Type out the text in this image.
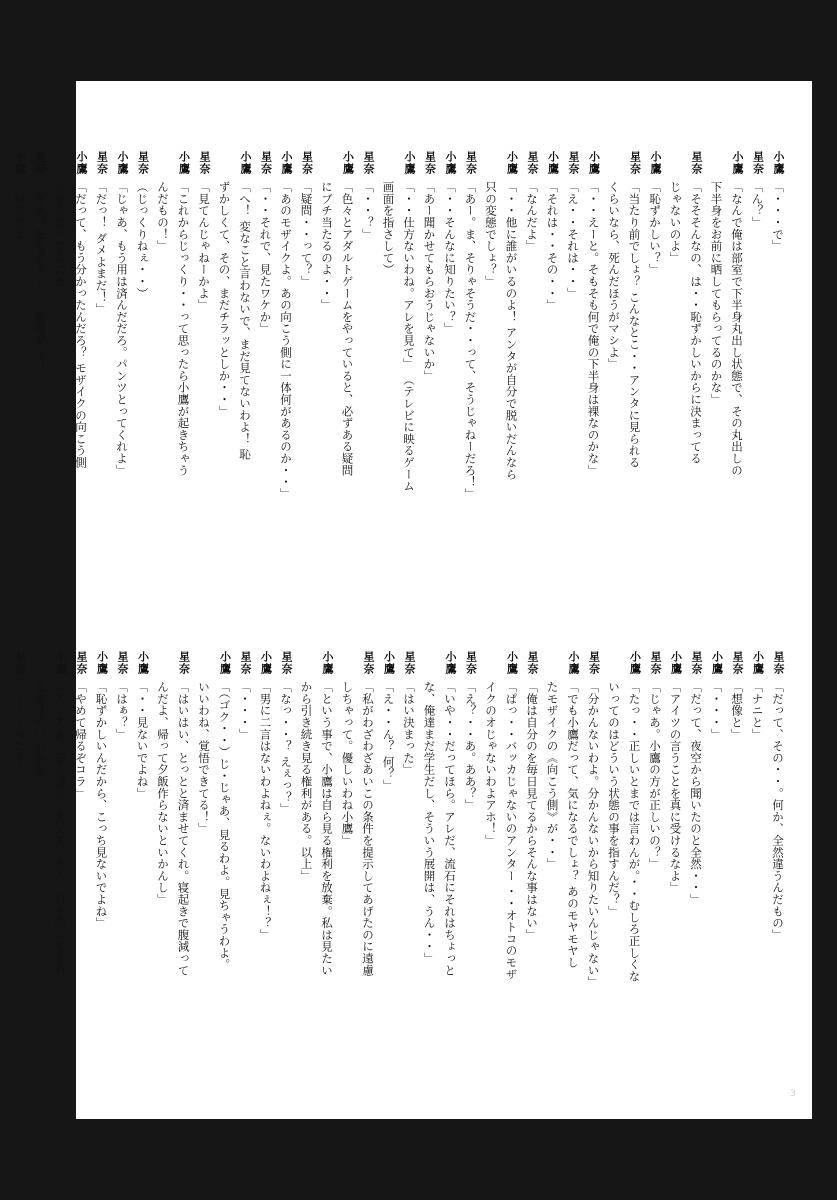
小鷹
「・・・で」
星奈
「ん？」
小鷹
「なんで俺は部室で下半身丸出し状態で、その丸出しの
下半身をお前に晒してもらってるのかな」
星奈
「そそそんなの、は・・恥ずかしいからに決まってる
じゃないのよ」
小鷹
「恥ずかしい？」
星奈
「当たり前でしょ？ こんなとこ・・アンタに見られる
くらいなら、死んだほうがマシよ」
小鷹
「・・えーと。そもそも何で俺の下半身は裸なのかな」
星奈
「え・・それは・・」
小鷹
「それは・・その・・」
星奈
「なんだよ」
小鷹
「・・他に誰がいるのよ！ アンタが自分で脱いだんなら
只の変態でしょ？」
星奈
「あー。ま、そりゃそうだ・・って、そうじゃねーだろ！」
小鷹
「・・そんなに知りたい？」
星奈
「あー聞かせてもらおうじゃないか」
小鷹
「・・仕方ないわね。アレを見て」 （テレビに映るゲーム
画面を指さして）
星奈
「・・？」
小鷹
「色々とアダルトゲームをやっていると、必ずある疑問
にブチ当たるのよ・・」
星奈
「疑問・・って？」
小鷹
「あのモザイクよ。あの向こう側に一体何があるのか・・」
星奈
「・・それで、見たワケか」
小鷹
「へ！ 変なこと言わないで、まだ見てないわよ！ 恥
ずかしくて、その、まだチラッとしか・・」
星奈
「見てんじゃねーかよ」
小鷹
「これからじっくり・・って思ったら小鷹が起きちゃう
んだもの！」
星奈
（じっくりねぇ・・）
小鷹
「じゃあ、もう用は済んだだろ。パンツとってくれよ」
星奈
「だっ！ ダメよまだ！」
小鷹
「だって、もう分かったんだろ？ モザイクの向こう側
がどうなってるのか」
星奈
「ダメったらダメー　　絶対ダメ！」
小鷹
「何でだよ」
星奈
「だって、その・・。何か、全然違うんだもの」
小鷹
「ナニと」
星奈
「想像と」
小鷹
「・・・」
星奈
「だって、夜空から聞いたのと全然・・」
小鷹
「アイツの言うことを真に受けるなよ」
星奈
「じゃあ。小鷹の方が正しいの？」
小鷹
「たっ・・正しいとまでは言わんが。・・むしろ正しくな
いってのはどういう状態の事を指すんだ？」
星奈
「分かんないわよ。分かんないから知りたいんじゃない」
小鷹
「でも小鷹だって、気になるでしょ？ あのモヤモヤし
たモザイクの《向こう側》が・・」
星奈
「俺は自分のを毎日見てるからそんな事はない」
小鷹
「ぱっ・・バッカじゃないのアンター ・・オトコのモザ
イクのオじゃないわよアホ！」
星奈
「え？・・あ。ああ？」
小鷹
「いや・・だってほら。アレだ、流石にそれはちょっと
な、俺達まだ学生だし、そういう展開は、うん・・」
星奈
「はい決まった」
小鷹
「え・・ん？ 何？」
星奈
「私がわざわざあいこの条件を提示してあげたのに遠慮
しちゃって。優しいわね小鷹」
小鷹
「という事で、小鷹は自ら見る権利を放棄。私は見たい
から引き続き見る権利がある。以上」
星奈
「なっ・・？ えぇっ？」
小鷹
「男に二言はないわよねぇ。ないわよねぇ！？」
星奈
「・・・」
小鷹
「（ゴク・・）じ・じゃあ、見るわよ。見ちゃうわよ。
いいわね、覚悟できてる！」
星奈
「はいはい、とっとと済ませてくれ。寝起きで腹減って
んだよ、帰って夕飯作らないといかんし」
小鷹
「・・見ないでよね」
星奈
「はぁ？」
小鷹
「恥ずかしいんだから、こっち見ないでよね」
星奈
「やめて帰るぞコラ」
小鷹
「あ、ああ。違う違う、大丈夫。うん。目を瞑ってくれ
るだけでいいから」
星奈
「・・・ったく」
3
